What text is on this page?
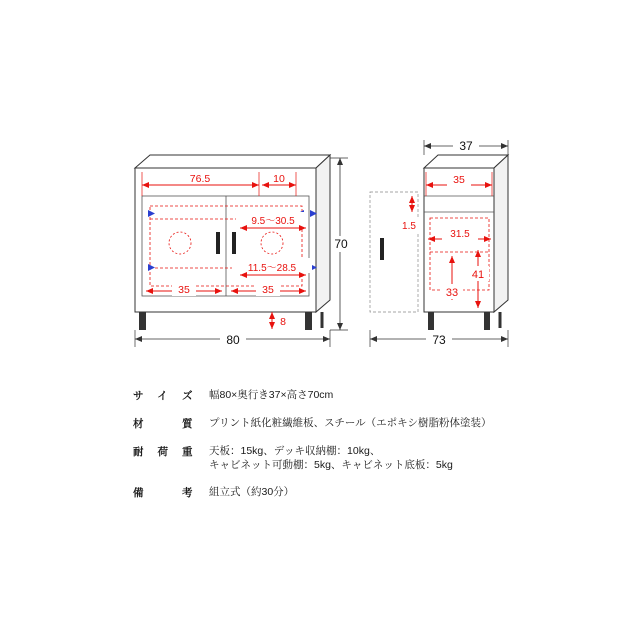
76.5	10
9.5〜30.5
11.5〜28.5
35	35
8
70
80
37
35
1.5
31.5
41
33
73
サイズ	幅80×奥行き37×高さ70cm
材質	プリント紙化粧繊維板、スチール（エポキシ樹脂粉体塗装）
耐荷重	天板：15kg、デッキ収納棚：10kg、
キャビネット可動棚：5kg、キャビネット底板：5kg
備考	組立式（約30分）
